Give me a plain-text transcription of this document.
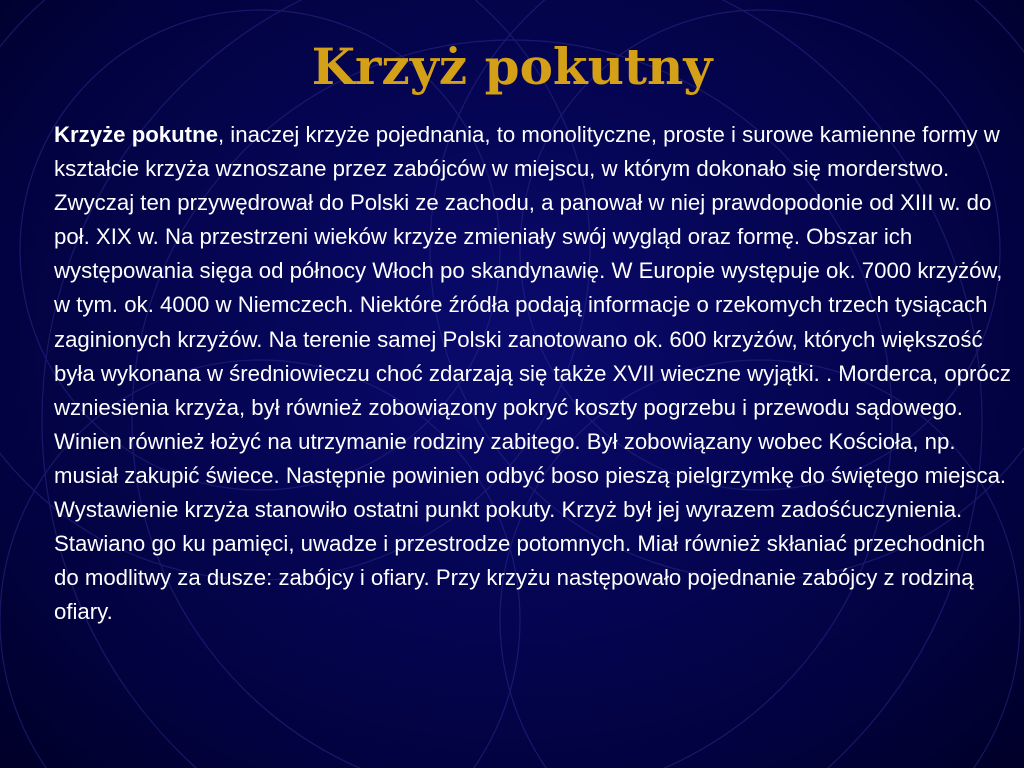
Krzyż pokutny

Krzyże pokutne, inaczej krzyże pojednania, to monolityczne, proste i surowe kamienne formy w kształcie krzyża wznoszane przez zabójców w miejscu, w którym dokonało się morderstwo. Zwyczaj ten przywędrował do Polski ze zachodu, a panował w niej prawdopodonie od XIII w. do poł. XIX w. Na przestrzeni wieków krzyże zmieniały swój wygląd oraz formę. Obszar ich występowania sięga od północy Włoch po skandynawię. W Europie występuje ok. 7000 krzyżów, w tym. ok. 4000 w Niemczech. Niektóre źródła podają informacje o rzekomych trzech tysiącach zaginionych krzyżów. Na terenie samej Polski zanotowano ok. 600 krzyżów, których większość była wykonana w średniowieczu choć zdarzają się także XVII wieczne wyjątki. . Morderca, oprócz wzniesienia krzyża, był również zobowiązony pokryć koszty pogrzebu i przewodu sądowego. Winien również łożyć na utrzymanie rodziny zabitego. Był zobowiązany wobec Kościoła, np. musiał zakupić świece. Następnie powinien odbyć boso pieszą pielgrzymkę do świętego miejsca. Wystawienie krzyża stanowiło ostatni punkt pokuty. Krzyż był jej wyrazem zadośćuczynienia. Stawiano go ku pamięci, uwadze i przestrodze potomnych. Miał również skłaniać przechodnich do modlitwy za dusze: zabójcy i ofiary. Przy krzyżu następowało pojednanie zabójcy z rodziną ofiary.
